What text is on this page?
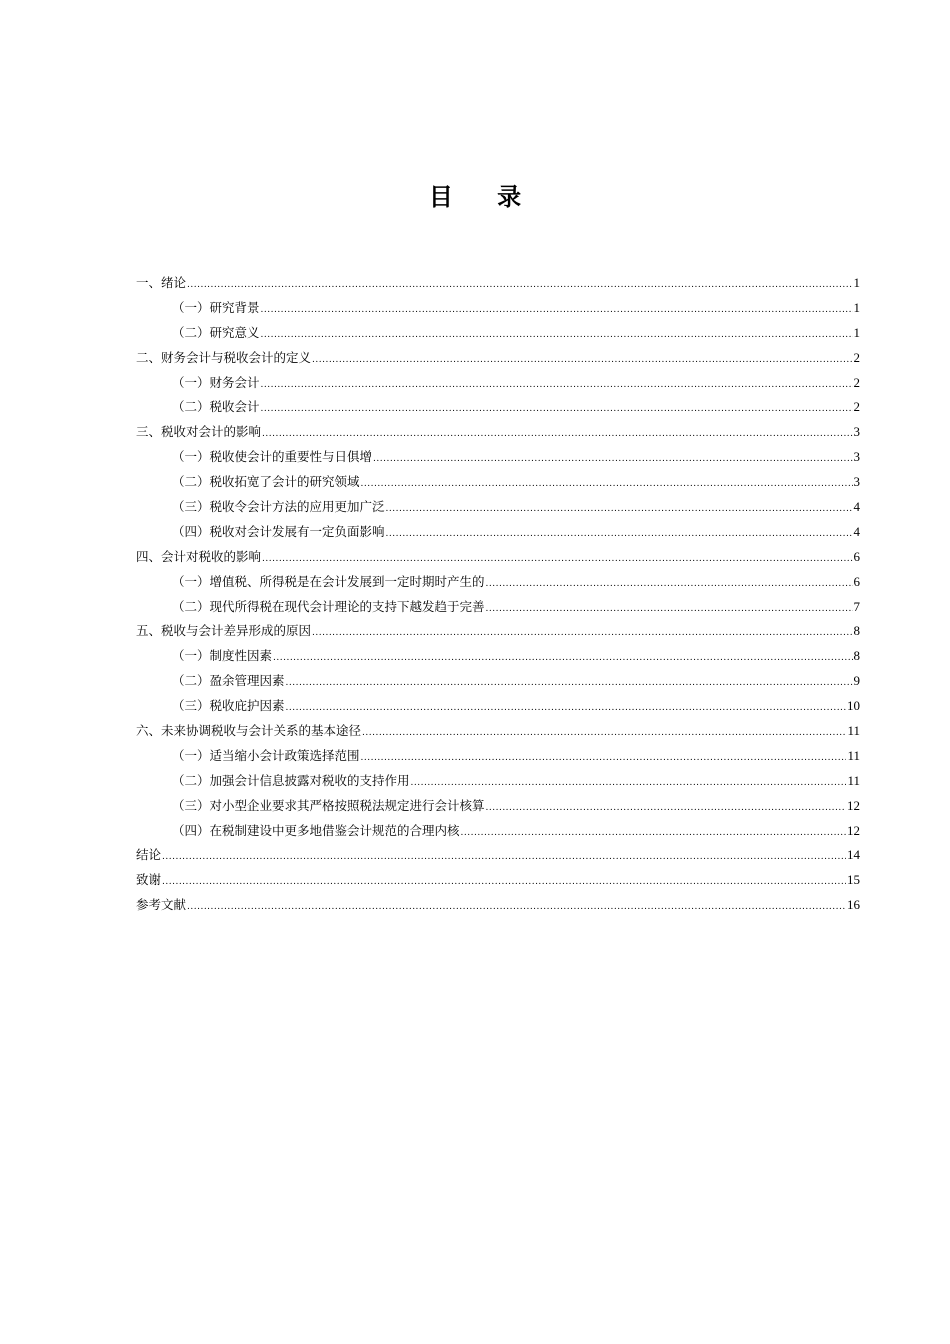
目 录
一、绪论 .....	1
（一）研究背景 .....	1
（二）研究意义 .....	1
二、财务会计与税收会计的定义 .....	2
（一）财务会计 .....	2
（二）税收会计 .....	2
三、税收对会计的影响 .....	3
（一）税收使会计的重要性与日俱增 .....	3
（二）税收拓宽了会计的研究领域 .....	3
（三）税收令会计方法的应用更加广泛 .....	4
（四）税收对会计发展有一定负面影响 .....	4
四、会计对税收的影响 .....	6
（一）增值税、所得税是在会计发展到一定时期时产生的 .....	6
（二）现代所得税在现代会计理论的支持下越发趋于完善 .....	7
五、税收与会计差异形成的原因 .....	8
（一）制度性因素 .....	8
（二）盈余管理因素 .....	9
（三）税收庇护因素 .....	10
六、未来协调税收与会计关系的基本途径 .....	11
（一）适当缩小会计政策选择范围 .....	11
（二）加强会计信息披露对税收的支持作用 .....	11
（三）对小型企业要求其严格按照税法规定进行会计核算 .....	12
（四）在税制建设中更多地借鉴会计规范的合理内核 .....	12
结论 .....	14
致谢 .....	15
参考文献 .....	16
